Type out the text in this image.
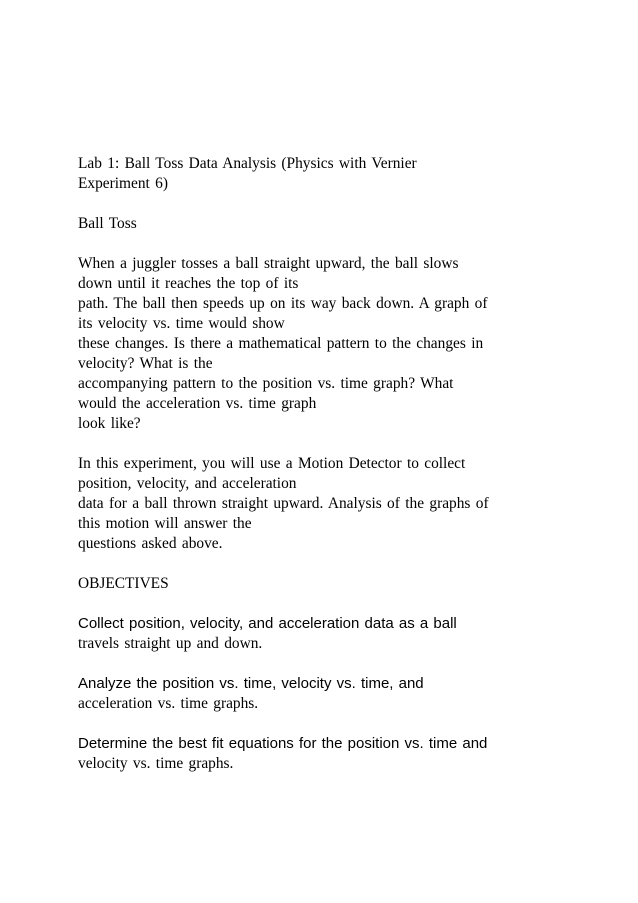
Lab 1: Ball Toss Data Analysis (Physics with Vernier
Experiment 6)

Ball Toss

When a juggler tosses a ball straight upward, the ball slows
down until it reaches the top of its
path. The ball then speeds up on its way back down. A graph of
its velocity vs. time would show
these changes. Is there a mathematical pattern to the changes in
velocity? What is the
accompanying pattern to the position vs. time graph? What
would the acceleration vs. time graph
look like?

In this experiment, you will use a Motion Detector to collect
position, velocity, and acceleration
data for a ball thrown straight upward. Analysis of the graphs of
this motion will answer the
questions asked above.

OBJECTIVES

Collect position, velocity, and acceleration data as a ball
travels straight up and down.

Analyze the position vs. time, velocity vs. time, and
acceleration vs. time graphs.

Determine the best fit equations for the position vs. time and
velocity vs. time graphs.
